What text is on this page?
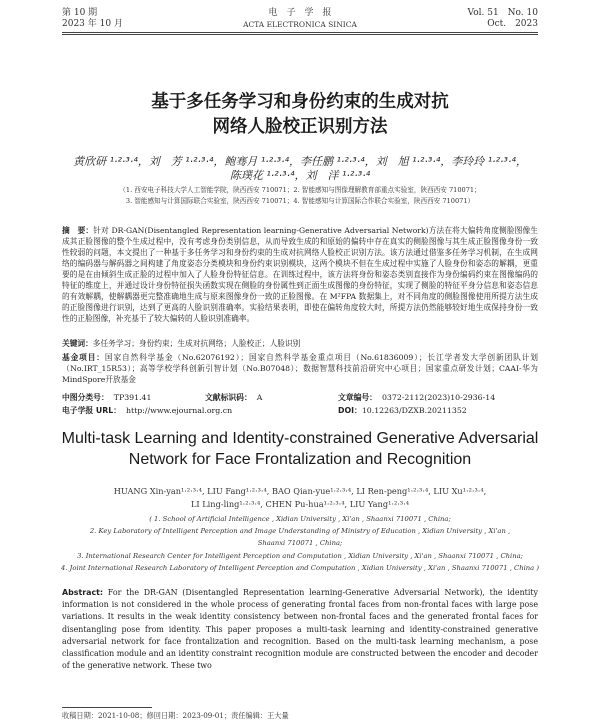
第 10 期
2023 年 10 月
电　子　学　报
ACTA ELECTRONICA SINICA
Vol. 51　No. 10
Oct.　2023
基于多任务学习和身份约束的生成对抗
网络人脸校正识别方法
黄欣研 ¹·²·³·⁴，刘　芳 ¹·²·³·⁴，鲍骞月 ¹·²·³·⁴，李任鹏 ¹·²·³·⁴，刘　旭 ¹·²·³·⁴，李玲玲 ¹·²·³·⁴，
陈璞花 ¹·²·³·⁴，刘　洋 ¹·²·³·⁴
（1. 西安电子科技大学人工智能学院，陕西西安 710071；2. 智能感知与图像理解教育部重点实验室，陕西西安 710071；
3. 智能感知与计算国际联合实验室，陕西西安 710071；4. 智能感知与计算国际合作联合实验室，陕西西安 710071）
摘　要：针对 DR-GAN(Disentangled Representation learning-Generative Adversarial Network)方法在将大偏转角度侧脸图像生成其正脸图像的整个生成过程中，没有考虑身份类别信息，从而导致生成的和原始的偏转中存在真实的侧脸图像与其生成正脸图像身份一致性较弱的问题，本文提出了一种基于多任务学习和身份约束的生成对抗网络人脸校正识别方法。该方法通过借鉴多任务学习机制，在生成网络的编码器与解码器之间构建了角度姿态分类模块和身份约束识别模块，这两个模块不但在生成过程中实施了人脸身份和姿态的解耦，更重要的是在由倾斜生成正脸的过程中加入了人脸身份特征信息。在训练过程中，该方法将身份和姿态类别直接作为身份编码约束在图像编码的特征的维度上，并通过设计身份特征损失函数实现在侧脸的身份属性到正面生成图像的身份特征，实现了侧脸的特征平身分信息和姿态信息的有效解耦，使解耦器更完整准确地生成与原来图像身份一致的正脸图像。在 M²FPA 数据集上，对不同角度的侧脸图像使用所提方法生成的正脸图像进行识别，达到了更高的人脸识别准确率。实验结果表明，即使在偏转角度较大时，所提方法仍然能够较好地生成保持身份一致性的正脸图像，补充基于了较大偏转的人脸识别准确率。
关键词：多任务学习；身份约束；生成对抗网络；人脸校正；人脸识别
基金项目：国家自然科学基金（No.62076192）；国家自然科学基金重点项目（No.61836009）；长江学者发大学创新团队计划（No.IRT_15R53）；高等学校学科创新引智计划（No.B07048）；数据智慧科技前沿研究中心项目；国家重点研发计划；CAAI-华为MindSpore开放基金
中图分类号： TP391.41	文献标识码： A	文章编号： 0372-2112(2023)10-2936-14
电子学报 URL： http://www.ejournal.org.cn	DOI：10.12263/DZXB.20211352
Multi-task Learning and Identity-constrained Generative Adversarial
Network for Face Frontalization and Recognition
HUANG Xin-yan¹·²·³·⁴, LIU Fang¹·²·³·⁴, BAO Qian-yue¹·²·³·⁴, LI Ren-peng¹·²·³·⁴, LIU Xu¹·²·³·⁴,
LI Ling-ling¹·²·³·⁴, CHEN Pu-hua¹·²·³·⁴, LIU Yang¹·²·³·⁴
( 1. School of Artificial Intelligence , Xidian University , Xi'an , Shaanxi 710071 , China;
2. Key Laboratory of Intelligent Perception and Image Understanding of Ministry of Education , Xidian University , Xi'an ,
Shaanxi 710071 , China;
3. International Research Center for Intelligent Perception and Computation , Xidian University , Xi'an , Shaanxi 710071 , China;
4. Joint International Research Laboratory of Intelligent Perception and Computation , Xidian University , Xi'an , Shaanxi 710071 , China )
Abstract: For the DR-GAN (Disentangled Representation learning-Generative Adversarial Network), the identity information is not considered in the whole process of generating frontal faces from non-frontal faces with large pose variations. It results in the weak identity consistency between non-frontal faces and the generated frontal faces for disentangling pose from identity. This paper proposes a multi-task learning and identity-constrained generative adversarial network for face frontalization and recognition. Based on the multi-task learning mechanism, a pose classification module and an identity constraint recognition module are constructed between the encoder and decoder of the generative network. These two
收稿日期：2021-10-08；修回日期：2023-09-01；责任编辑：王大量
